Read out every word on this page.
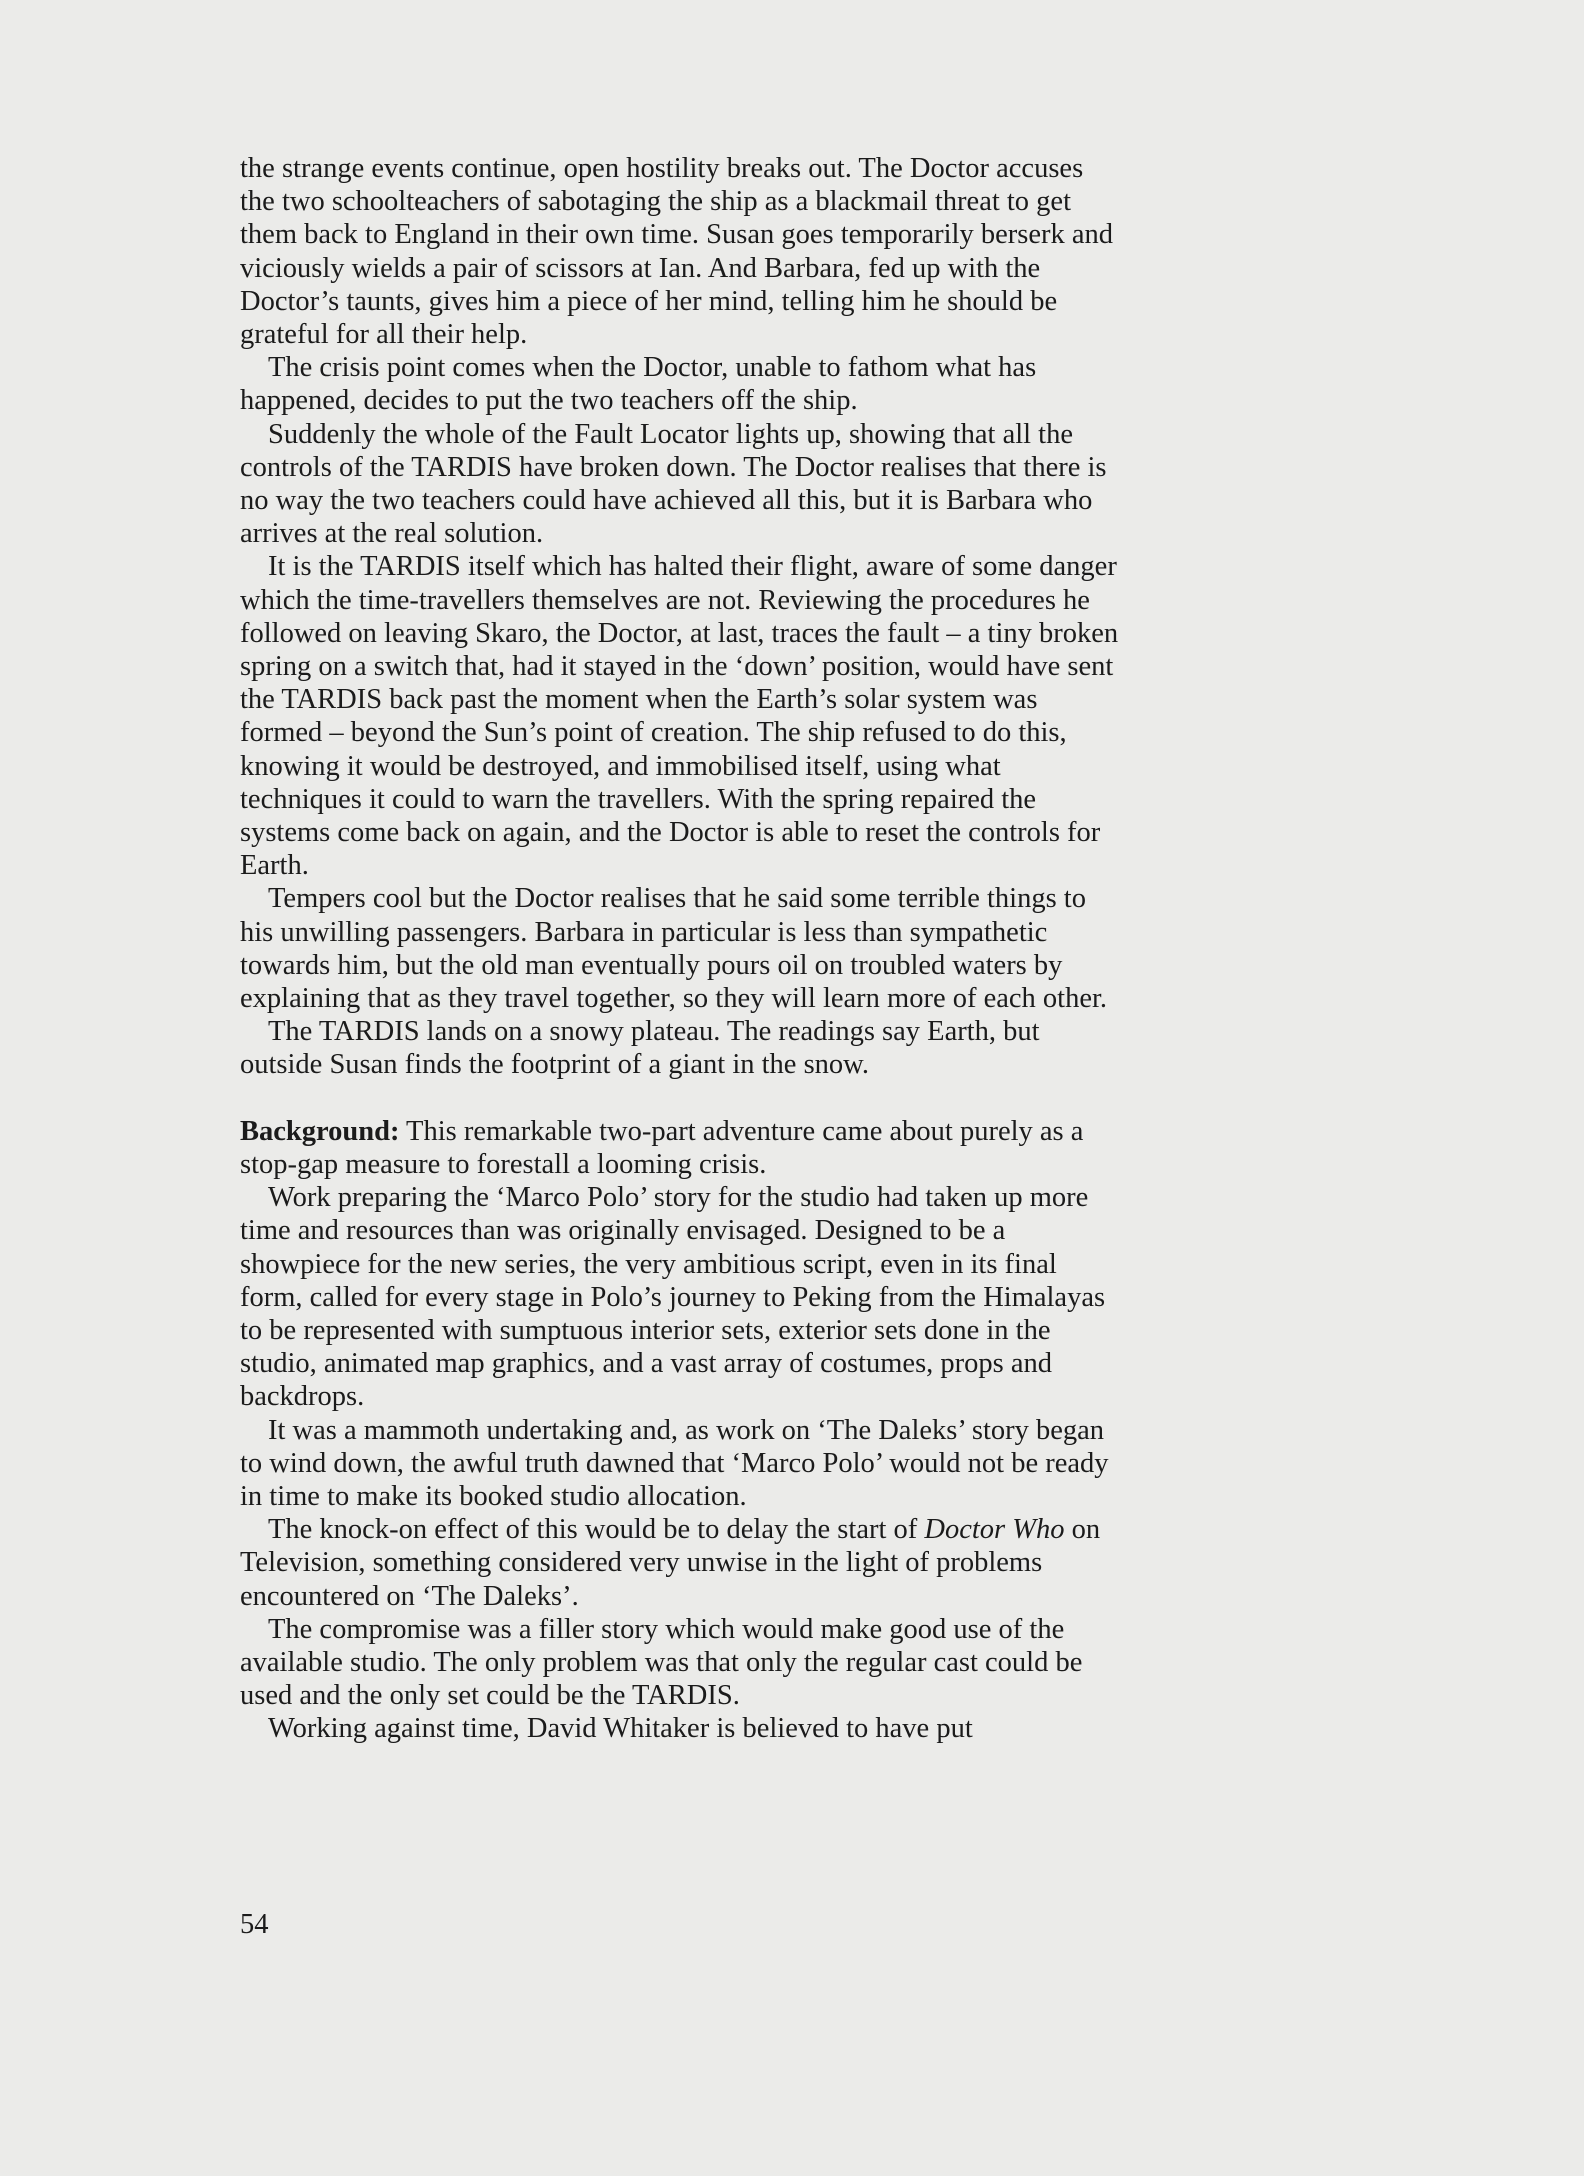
the strange events continue, open hostility breaks out. The Doctor accuses the two schoolteachers of sabotaging the ship as a blackmail threat to get them back to England in their own time. Susan goes temporarily berserk and viciously wields a pair of scissors at Ian. And Barbara, fed up with the Doctor’s taunts, gives him a piece of her mind, telling him he should be grateful for all their help.

The crisis point comes when the Doctor, unable to fathom what has happened, decides to put the two teachers off the ship.

Suddenly the whole of the Fault Locator lights up, showing that all the controls of the TARDIS have broken down. The Doctor realises that there is no way the two teachers could have achieved all this, but it is Barbara who arrives at the real solution.

It is the TARDIS itself which has halted their flight, aware of some danger which the time-travellers themselves are not. Reviewing the procedures he followed on leaving Skaro, the Doctor, at last, traces the fault – a tiny broken spring on a switch that, had it stayed in the ‘down’ position, would have sent the TARDIS back past the moment when the Earth’s solar system was formed – beyond the Sun’s point of creation. The ship refused to do this, knowing it would be destroyed, and immobilised itself, using what techniques it could to warn the travellers. With the spring repaired the systems come back on again, and the Doctor is able to reset the controls for Earth.

Tempers cool but the Doctor realises that he said some terrible things to his unwilling passengers. Barbara in particular is less than sympathetic towards him, but the old man eventually pours oil on troubled waters by explaining that as they travel together, so they will learn more of each other.

The TARDIS lands on a snowy plateau. The readings say Earth, but outside Susan finds the footprint of a giant in the snow.

Background: This remarkable two-part adventure came about purely as a stop-gap measure to forestall a looming crisis.

Work preparing the ‘Marco Polo’ story for the studio had taken up more time and resources than was originally envisaged. Designed to be a showpiece for the new series, the very ambitious script, even in its final form, called for every stage in Polo’s journey to Peking from the Himalayas to be represented with sumptuous interior sets, exterior sets done in the studio, animated map graphics, and a vast array of costumes, props and backdrops.

It was a mammoth undertaking and, as work on ‘The Daleks’ story began to wind down, the awful truth dawned that ‘Marco Polo’ would not be ready in time to make its booked studio allocation.

The knock-on effect of this would be to delay the start of Doctor Who on Television, something considered very unwise in the light of problems encountered on ‘The Daleks’.

The compromise was a filler story which would make good use of the available studio. The only problem was that only the regular cast could be used and the only set could be the TARDIS.

Working against time, David Whitaker is believed to have put

54
